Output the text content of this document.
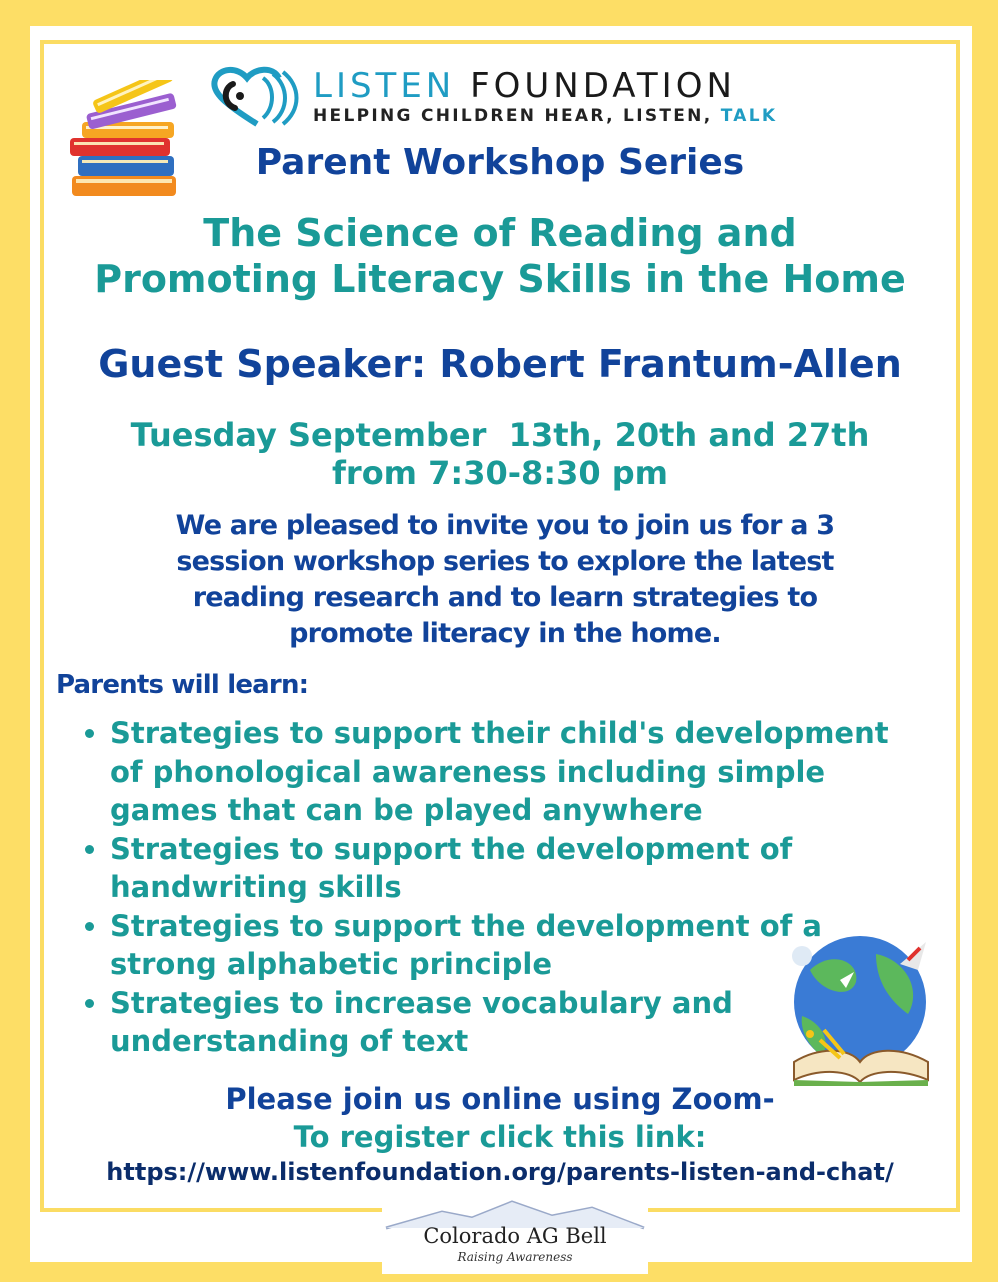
LISTEN FOUNDATION
HELPING CHILDREN HEAR, LISTEN, TALK
Parent Workshop Series
The Science of Reading and
Promoting Literacy Skills in the Home
Guest Speaker: Robert Frantum-Allen
Tuesday September  13th, 20th and 27th
from 7:30-8:30 pm
We are pleased to invite you to join us for a 3
session workshop series to explore the latest
reading research and to learn strategies to
promote literacy in the home.
Parents will learn:
• Strategies to support their child's development
of phonological awareness including simple
games that can be played anywhere
• Strategies to support the development of
handwriting skills
• Strategies to support the development of a
strong alphabetic principle
• Strategies to increase vocabulary and
understanding of text
Please join us online using Zoom-
To register click this link:
https://www.listenfoundation.org/parents-listen-and-chat/
Colorado AG Bell
Raising Awareness
